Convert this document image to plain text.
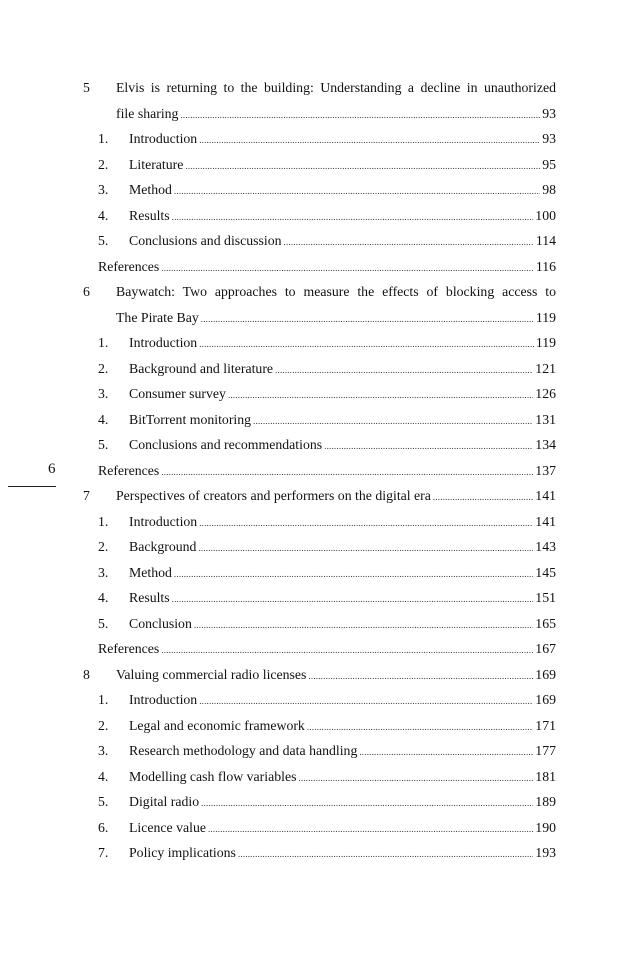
6
5 Elvis is returning to the building: Understanding a decline in unauthorized
file sharing .....	93
1. Introduction .....	93
2. Literature .....	95
3. Method .....	98
4. Results .....	100
5. Conclusions and discussion .....	114
References .....	116
6 Baywatch: Two approaches to measure the effects of blocking access to
The Pirate Bay .....	119
1. Introduction .....	119
2. Background and literature .....	121
3. Consumer survey .....	126
4. BitTorrent monitoring .....	131
5. Conclusions and recommendations .....	134
References .....	137
7 Perspectives of creators and performers on the digital era .....	141
1. Introduction .....	141
2. Background .....	143
3. Method .....	145
4. Results .....	151
5. Conclusion .....	165
References .....	167
8 Valuing commercial radio licenses .....	169
1. Introduction .....	169
2. Legal and economic framework .....	171
3. Research methodology and data handling .....	177
4. Modelling cash flow variables .....	181
5. Digital radio .....	189
6. Licence value .....	190
7. Policy implications .....	193
